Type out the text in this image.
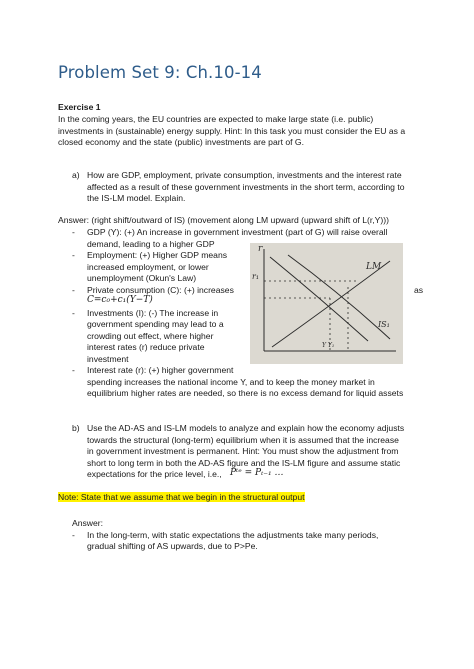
Problem Set 9: Ch.10-14
Exercise 1
In the coming years, the EU countries are expected to make large state (i.e. public)
investments in (sustainable) energy supply. Hint: In this task you must consider the EU as a
closed economy and the state (public) investments are part of G.
a) How are GDP, employment, private consumption, investments and the interest rate
affected as a result of these government investments in the short term, according to
the IS-LM model. Explain.
Answer: (right shift/outward of IS) (movement along LM upward (upward shift of L(r,Y)))
- GDP (Y): (+) An increase in government investment (part of G) will raise overall
demand, leading to a higher GDP
- Employment: (+) Higher GDP means
increased employment, or lower
unemployment (Okun's Law)
- Private consumption (C): (+) increases	as
C=c₀+c₁(Y−T)
- Investments (I): (-) The increase in
government spending may lead to a
crowding out effect, where higher
interest rates (r) reduce private
investment
- Interest rate (r): (+) higher government
spending increases the national income Y, and to keep the money market in
equilibrium higher rates are needed, so there is no excess demand for liquid assets
r
r₁
LM
IS₁
Y Y₁
b) Use the AD-AS and IS-LM models to analyze and explain how the economy adjusts
towards the structural (long-term) equilibrium when it is assumed that the increase
in government investment is permanent. Hint: You must show the adjustment from
short to long term in both the AD-AS figure and the IS-LM figure and assume static
expectations for the price level, i.e., Pᵗᵉ = Pₜ₋₁ …
Note: State that we assume that we begin in the structural output
Answer:
- In the long-term, with static expectations the adjustments take many periods,
gradual shifting of AS upwards, due to P>Pe.
